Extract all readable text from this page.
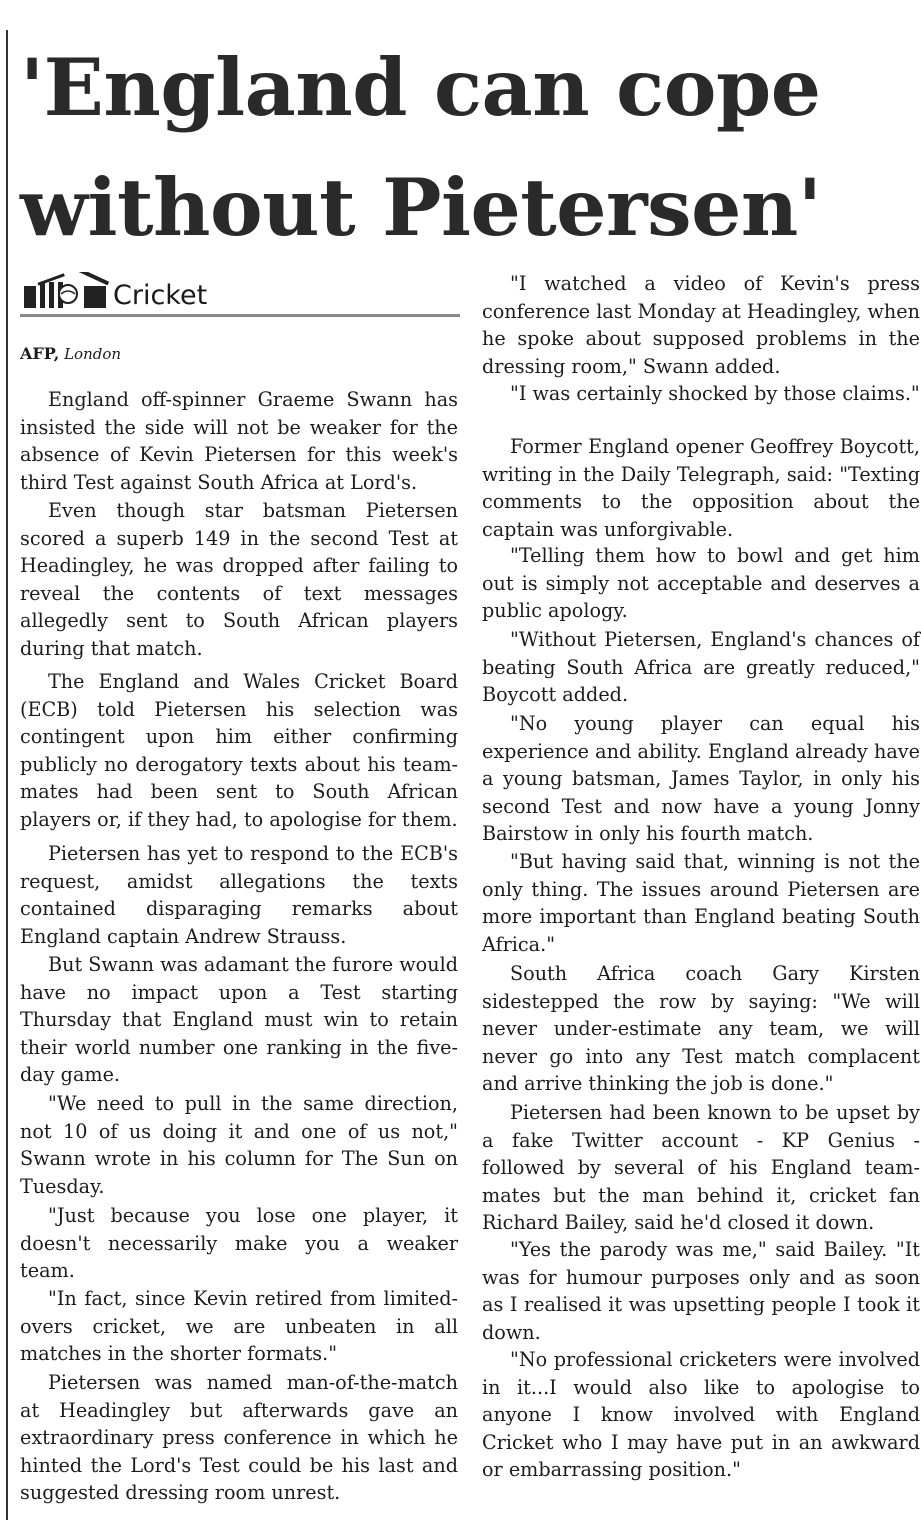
'England can cope without Pietersen'
Cricket
AFP, London

England off-spinner Graeme Swann has insisted the side will not be weaker for the absence of Kevin Pietersen for this week's third Test against South Africa at Lord's.

Even though star batsman Pietersen scored a superb 149 in the second Test at Headingley, he was dropped after failing to reveal the contents of text messages allegedly sent to South African players during that match.

The England and Wales Cricket Board (ECB) told Pietersen his selection was contingent upon him either confirming publicly no derogatory texts about his team-mates had been sent to South African players or, if they had, to apologise for them.

Pietersen has yet to respond to the ECB's request, amidst allegations the texts contained disparaging remarks about England captain Andrew Strauss.

But Swann was adamant the furore would have no impact upon a Test starting Thursday that England must win to retain their world number one ranking in the five-day game.

"We need to pull in the same direction, not 10 of us doing it and one of us not," Swann wrote in his column for The Sun on Tuesday.

"Just because you lose one player, it doesn't necessarily make you a weaker team.

"In fact, since Kevin retired from limited-overs cricket, we are unbeaten in all matches in the shorter formats."

Pietersen was named man-of-the-match at Headingley but afterwards gave an extraordinary press conference in which he hinted the Lord's Test could be his last and suggested dressing room unrest.

"I watched a video of Kevin's press conference last Monday at Headingley, when he spoke about supposed problems in the dressing room," Swann added.

"I was certainly shocked by those claims."

Former England opener Geoffrey Boycott, writing in the Daily Telegraph, said: "Texting comments to the opposition about the captain was unforgivable.

"Telling them how to bowl and get him out is simply not acceptable and deserves a public apology.

"Without Pietersen, England's chances of beating South Africa are greatly reduced," Boycott added.

"No young player can equal his experience and ability. England already have a young batsman, James Taylor, in only his second Test and now have a young Jonny Bairstow in only his fourth match.

"But having said that, winning is not the only thing. The issues around Pietersen are more important than England beating South Africa."

South Africa coach Gary Kirsten sidestepped the row by saying: "We will never under-estimate any team, we will never go into any Test match complacent and arrive thinking the job is done."

Pietersen had been known to be upset by a fake Twitter account - KP Genius - followed by several of his England team-mates but the man behind it, cricket fan Richard Bailey, said he'd closed it down.

"Yes the parody was me," said Bailey. "It was for humour purposes only and as soon as I realised it was upsetting people I took it down.

"No professional cricketers were involved in it...I would also like to apologise to anyone I know involved with England Cricket who I may have put in an awkward or embarrassing position."
